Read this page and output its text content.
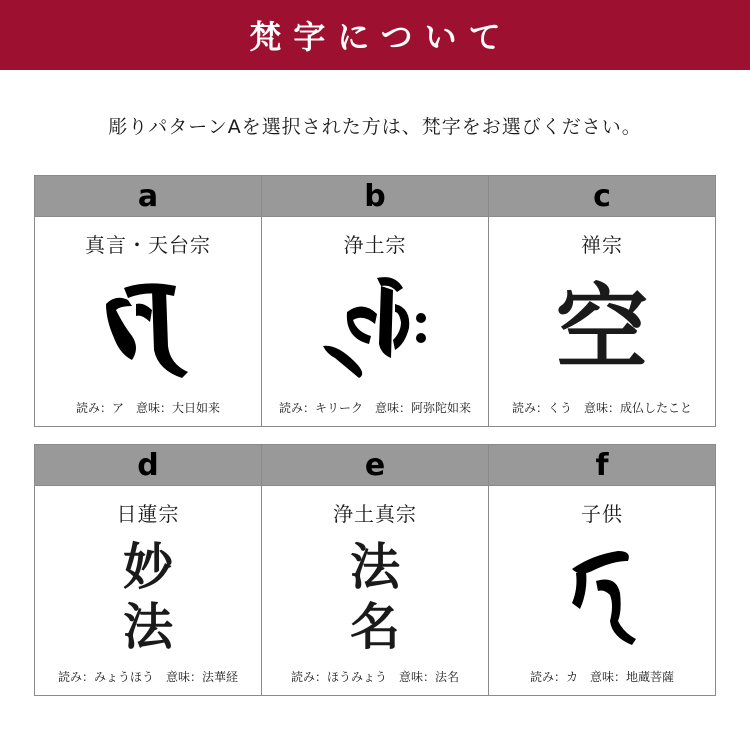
梵字について
彫りパターンAを選択された方は、梵字をお選びください。
a
真言・天台宗
読み：ア　意味：大日如来
b
浄土宗
読み：キリーク　意味：阿弥陀如来
c
禅宗
空
読み：くう　意味：成仏したこと
d
日蓮宗
妙
法
読み：みょうほう　意味：法華経
e
浄土真宗
法
名
読み：ほうみょう　意味：法名
f
子供
読み：カ　意味：地蔵菩薩
